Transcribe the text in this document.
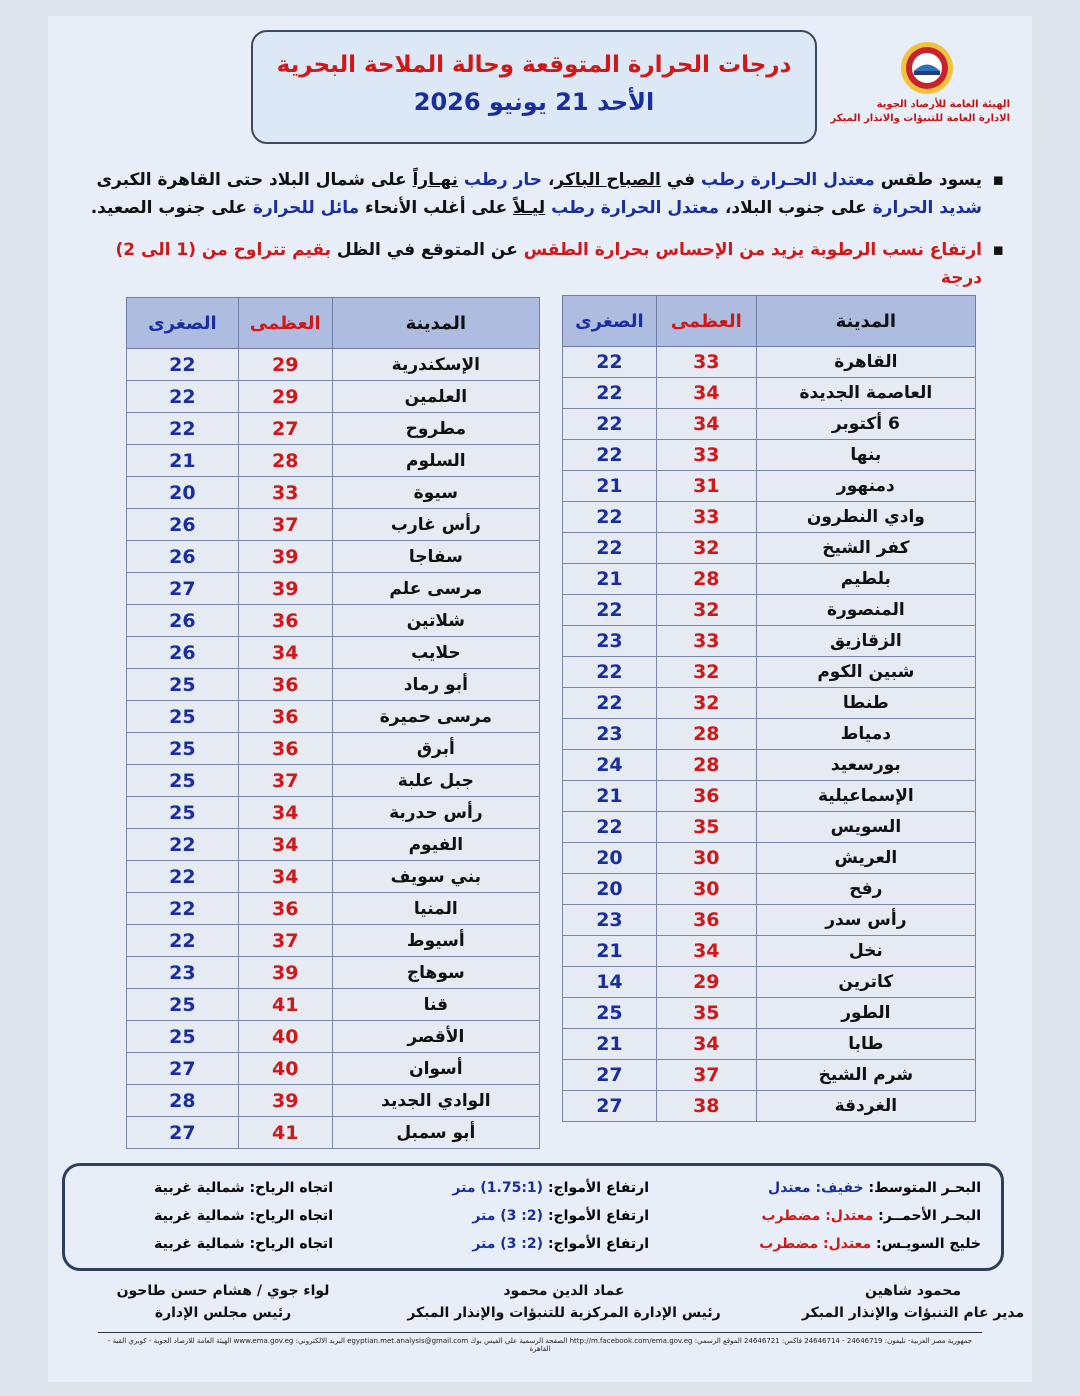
درجات الحرارة المتوقعة وحالة الملاحة البحرية
الأحد 21 يونيو 2026	الهيئة العامة للأرصاد الجوية
الادارة العامة للتنبؤات والانذار المبكر
▪
يسود طقس معتدل الحـرارة رطب في الصباح الباكر، حار رطب نهـاراً على شمال البلاد حتى القاهرة الكبرى
شديد الحرارة على جنوب البلاد، معتدل الحرارة رطب ليـلاً على أغلب الأنحاء مائل للحرارة على جنوب الصعيد.
▪
ارتفاع نسب الرطوبة يزيد من الإحساس بحرارة الطقس عن المتوقع في الظل بقيم تتراوح من (1 الى 2) درجة
المدينة	العظمى	الصغرى
القاهرة	33	22
العاصمة الجديدة	34	22
6 أكتوبر	34	22
بنها	33	22
دمنهور	31	21
وادي النطرون	33	22
كفر الشيخ	32	22
بلطيم	28	21
المنصورة	32	22
الزقازيق	33	23
شبين الكوم	32	22
طنطا	32	22
دمياط	28	23
بورسعيد	28	24
الإسماعيلية	36	21
السويس	35	22
العريش	30	20
رفح	30	20
رأس سدر	36	23
نخل	34	21
كاترين	29	14
الطور	35	25
طابا	34	21
شرم الشيخ	37	27
الغردقة	38	27
المدينة	العظمى	الصغرى
الإسكندرية	29	22
العلمين	29	22
مطروح	27	22
السلوم	28	21
سيوة	33	20
رأس غارب	37	26
سفاجا	39	26
مرسى علم	39	27
شلاتين	36	26
حلايب	34	26
أبو رماد	36	25
مرسى حميرة	36	25
أبرق	36	25
جبل علبة	37	25
رأس حدربة	34	25
الفيوم	34	22
بني سويف	34	22
المنيا	36	22
أسيوط	37	22
سوهاج	39	23
قنا	41	25
الأقصر	40	25
أسوان	40	27
الوادي الجديد	39	28
أبو سمبل	41	27
البحـر المتوسط: خفيف: معتدل
ارتفاع الأمواج: (1.75:1) متر
اتجاه الرياح: شمالية غربية
البحـر الأحمــر: معتدل: مضطرب
ارتفاع الأمواج: (2: 3) متر
اتجاه الرياح: شمالية غربية
خليج السويـس: معتدل: مضطرب
ارتفاع الأمواج: (2: 3) متر
اتجاه الرياح: شمالية غربية
محمود شاهين
مدير عام التنبؤات والإنذار المبكر
عماد الدين محمود
رئيس الإدارة المركزية للتنبؤات والإنذار المبكر
لواء جوي / هشام حسن طاحون
رئيس مجلس الإدارة
جمهورية مصر العربية- تليفون: 24646719 - 24646714 فاكس: 24646721 الموقع الرسمي: http://m.facebook.com/ema.gov.eg الصفحة الرسمية على الفيس بوك egyptian.met.analysis@gmail.com البريد الالكتروني: www.ema.gov.eg الهيئة العامة للارصاد الجوية - كوبري القبة - القاهرة
